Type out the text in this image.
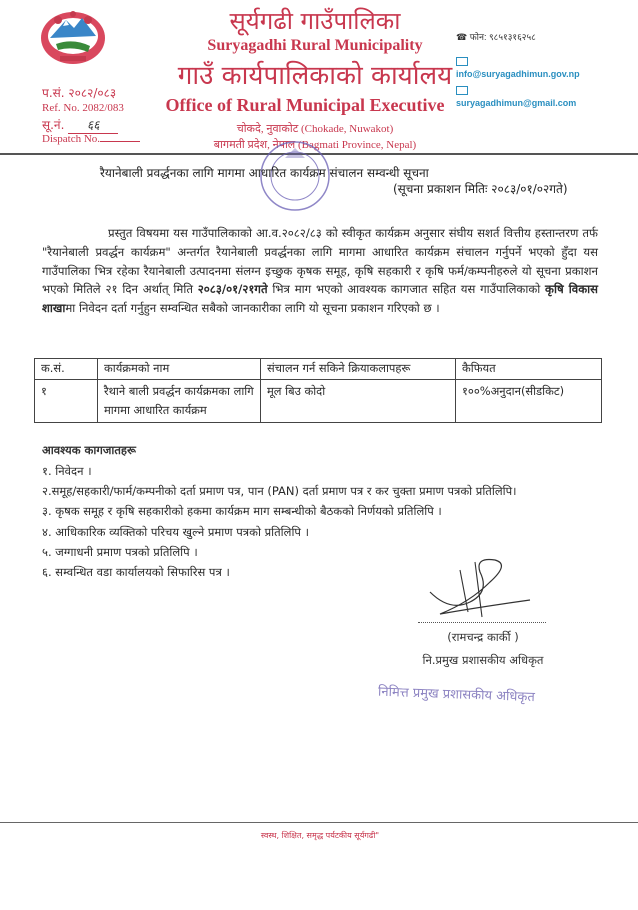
सूर्यगढी गाउँपालिका
Suryagadhi Rural Municipality
गाउँ कार्यपालिकाको कार्यालय
Office of Rural Municipal Executive
चोकदे, नुवाकोट (Chokade, Nuwakot)
बागमती प्रदेश, नेपाल (Bagmati Province, Nepal)
प.सं. २०८२/०८३
Ref. No. 2082/083
सू.नं. ६६
Dispatch No.
☎ फोन: ९८५१३१६२५८
info@suryagadhimun.gov.np
suryagadhimun@gmail.com
रैयानेबाली प्रवर्द्धनका लागि मागमा आधारित कार्यक्रम संचालन सम्वन्धी सूचना
(सूचना प्रकाशन मितिः २०८३/०१/०२गते)
प्रस्तुत विषयमा यस गाउँपालिकाको आ.व.२०८२/८३ को स्वीकृत कार्यक्रम अनुसार संघीय सशर्त वित्तीय हस्तान्तरण तर्फ "रैयानेबाली प्रवर्द्धन कार्यक्रम" अन्तर्गत रैयानेबाली प्रवर्द्धनका लागि मागमा आधारित कार्यक्रम संचालन गर्नुपर्ने भएको हुँदा यस गाउँपालिका भित्र रहेका रैयानेबाली उत्पादनमा संलग्न इच्छुक कृषक समूह, कृषि सहकारी र कृषि फर्म/कम्पनीहरुले यो सूचना प्रकाशन भएको मितिले २१ दिन अर्थात् मिति २०८३/०१/२१गते भित्र माग भएको आवश्यक कागजात सहित यस गाउँपालिकाको कृषि विकास शाखामा निवेदन दर्ता गर्नुहुन सम्वन्धित सबैको जानकारीका लागि यो सूचना प्रकाशन गरिएको छ ।
क.सं.	कार्यक्रमको नाम	संचालन गर्न सकिने क्रियाकलापहरू	कैफियत
१	रैथाने बाली प्रवर्द्धन कार्यक्रमका लागि मागमा आधारित कार्यक्रम	मूल बिउ कोदो	१००%अनुदान(सीडकिट)
आवश्यक कागजातहरू
१. निवेदन ।
२.समूह/सहकारी/फार्म/कम्पनीको दर्ता प्रमाण पत्र, पान (PAN) दर्ता प्रमाण पत्र र कर चुक्ता प्रमाण पत्रको प्रतिलिपि।
३. कृषक समूह र कृषि सहकारीको हकमा कार्यक्रम माग सम्बन्धीको बैठकको निर्णयको प्रतिलिपि ।
४. आधिकारिक व्यक्तिको परिचय खुल्ने प्रमाण पत्रको प्रतिलिपि ।
५. जग्गाधनी प्रमाण पत्रको प्रतिलिपि ।
६. सम्वन्धित वडा कार्यालयको सिफारिस पत्र ।
(रामचन्द्र कार्की )
नि.प्रमुख प्रशासकीय अधिकृत
निमित्त प्रमुख प्रशासकीय अधिकृत
स्वस्थ, शिक्षित, समृद्ध पर्यटकीय सूर्यगढी"
